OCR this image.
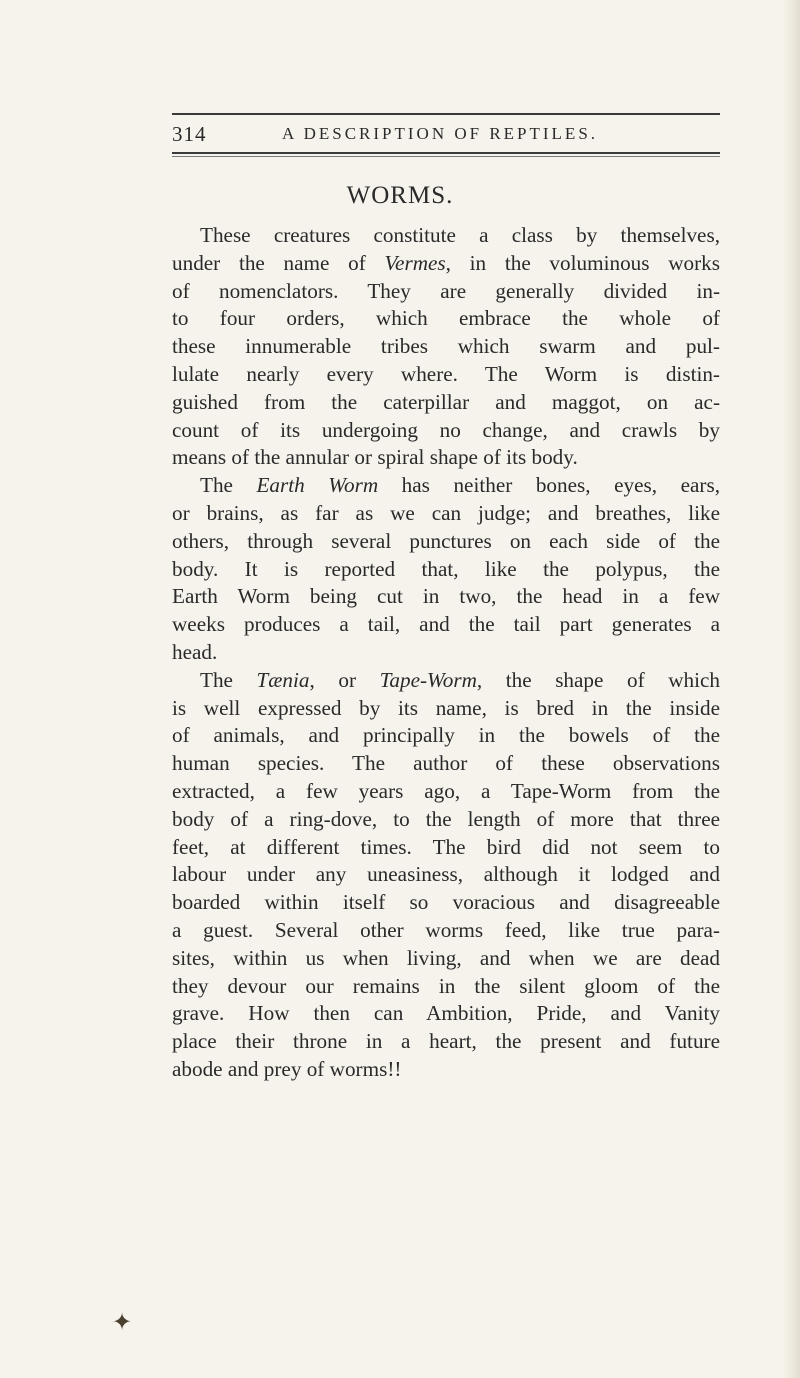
314	A DESCRIPTION OF REPTILES.
WORMS.
These creatures constitute a class by themselves,
under the name of Vermes, in the voluminous works
of nomenclators. They are generally divided in-
to four orders, which embrace the whole of
these innumerable tribes which swarm and pul-
lulate nearly every where. The Worm is distin-
guished from the caterpillar and maggot, on ac-
count of its undergoing no change, and crawls by
means of the annular or spiral shape of its body.
The Earth Worm has neither bones, eyes, ears,
or brains, as far as we can judge; and breathes, like
others, through several punctures on each side of the
body. It is reported that, like the polypus, the
Earth Worm being cut in two, the head in a few
weeks produces a tail, and the tail part generates a
head.
The Tænia, or Tape-Worm, the shape of which
is well expressed by its name, is bred in the inside
of animals, and principally in the bowels of the
human species. The author of these observations
extracted, a few years ago, a Tape-Worm from the
body of a ring-dove, to the length of more that three
feet, at different times. The bird did not seem to
labour under any uneasiness, although it lodged and
boarded within itself so voracious and disagreeable
a guest. Several other worms feed, like true para-
sites, within us when living, and when we are dead
they devour our remains in the silent gloom of the
grave. How then can Ambition, Pride, and Vanity
place their throne in a heart, the present and future
abode and prey of worms!!
✦
